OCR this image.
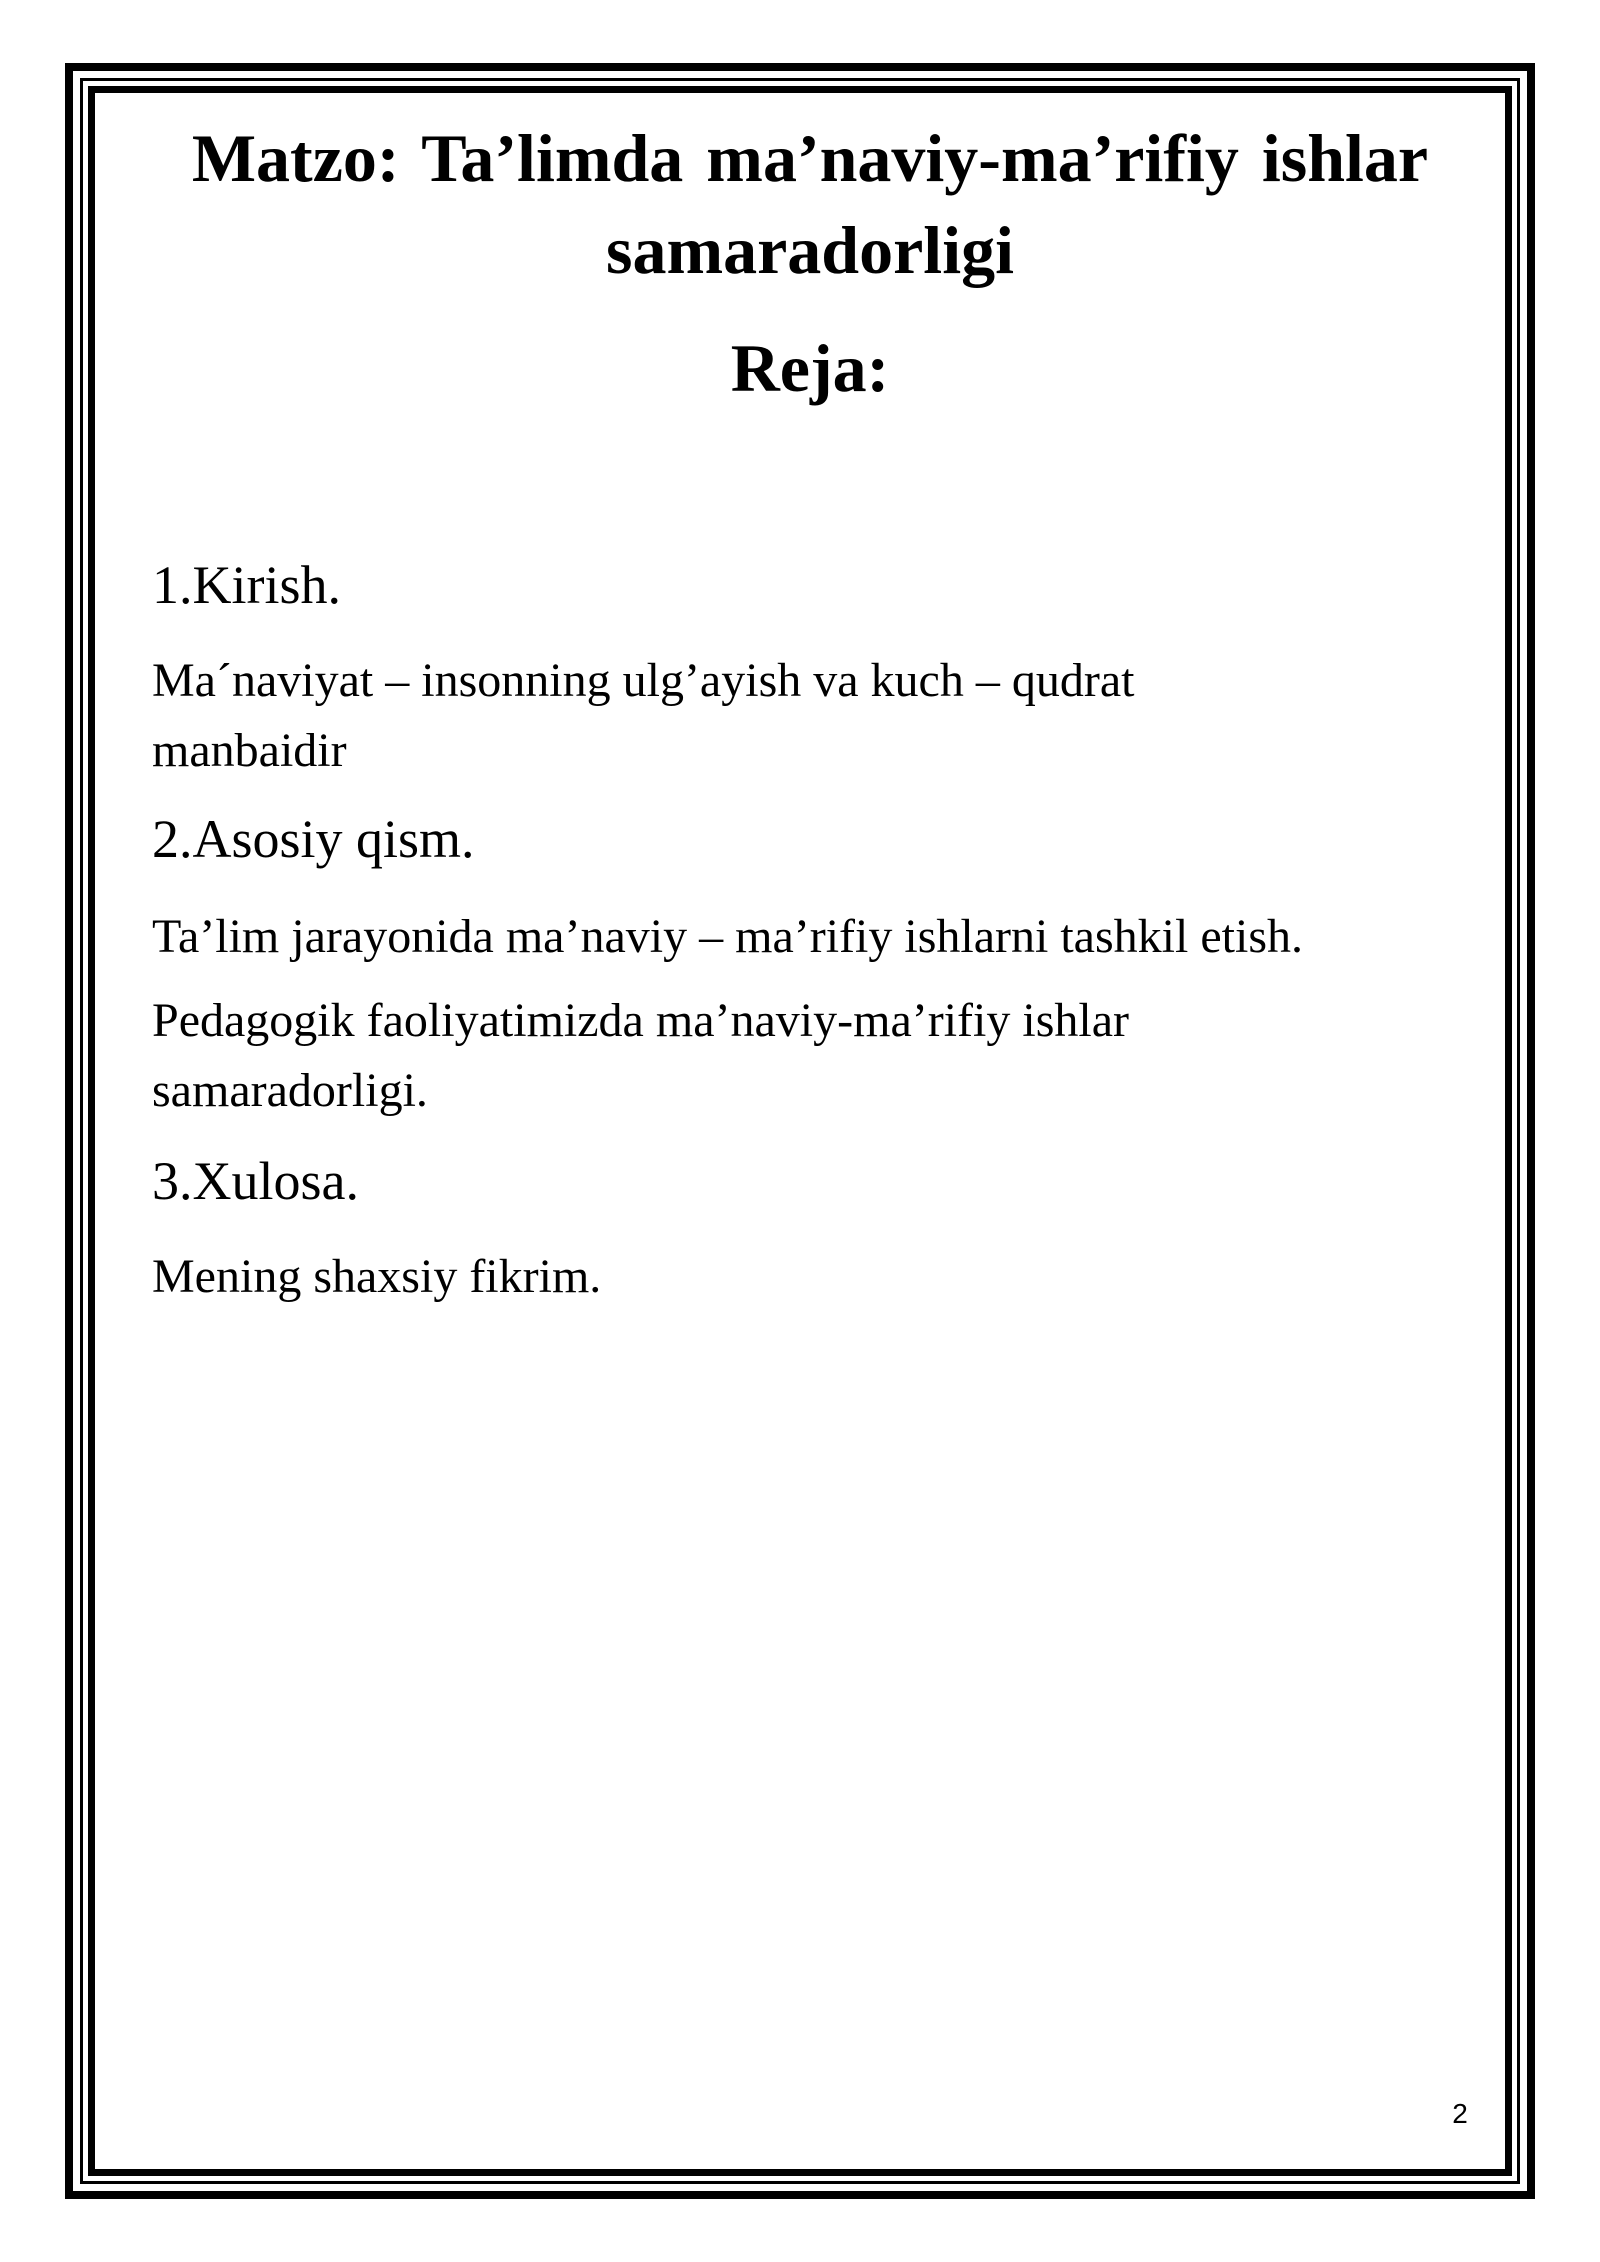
Matzo: Ta’limda ma’naviy-ma’rifiy ishlar samaradorligi
Reja:

1.Kirish.

Ma´naviyat – insonning ulg’ayish va kuch – qudrat manbaidir

2.Asosiy qism.

Ta’lim jarayonida ma’naviy – ma’rifiy ishlarni tashkil etish.

Pedagogik faoliyatimizda ma’naviy-ma’rifiy ishlar samaradorligi.

3.Xulosa.

Mening shaxsiy fikrim.

2
